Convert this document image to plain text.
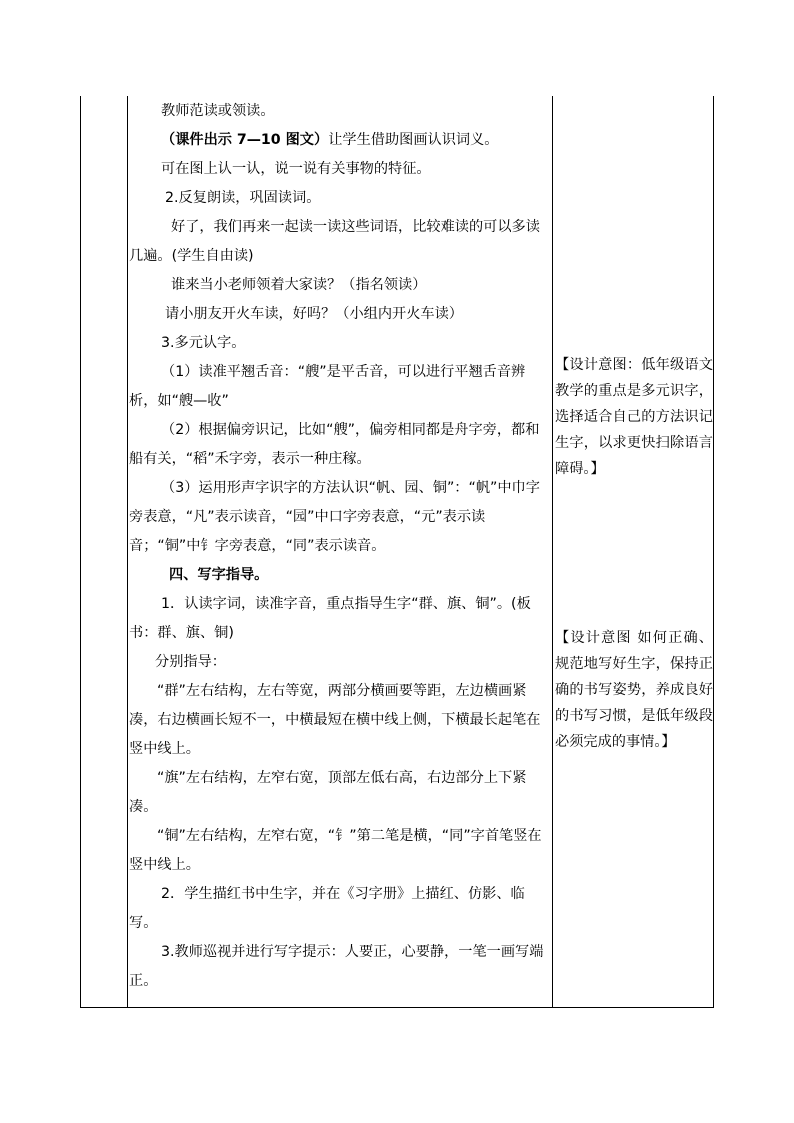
教师范读或领读。

（课件出示 7—10 图文）让学生借助图画认识词义。

可在图上认一认，说一说有关事物的特征。

2.反复朗读，巩固读词。

好了，我们再来一起读一读这些词语，比较难读的可以多读几遍。(学生自由读)

谁来当小老师领着大家读？（指名领读）

请小朋友开火车读，好吗？（小组内开火车读）

3.多元认字。

（1）读准平翘舌音：“艘”是平舌音，可以进行平翘舌音辨析，如“艘—收”

（2）根据偏旁识记，比如“艘”，偏旁相同都是舟字旁，都和船有关，“稻”禾字旁，表示一种庄稼。

（3）运用形声字识字的方法认识“帆、园、铜”：“帆”中巾字旁表意，“凡”表示读音，“园”中口字旁表意，“元”表示读音；“铜”中钅字旁表意，“同”表示读音。

四、写字指导。

1．认读字词，读准字音，重点指导生字“群、旗、铜”。(板书：群、旗、铜)

分别指导：

“群”左右结构，左右等宽，两部分横画要等距，左边横画紧凑，右边横画长短不一，中横最短在横中线上侧，下横最长起笔在竖中线上。

“旗”左右结构，左窄右宽，顶部左低右高，右边部分上下紧凑。

“铜”左右结构，左窄右宽，“钅”第二笔是横，“同”字首笔竖在竖中线上。

2．学生描红书中生字，并在《习字册》上描红、仿影、临写。

3.教师巡视并进行写字提示：人要正，心要静，一笔一画写端正。

【设计意图：低年级语文教学的重点是多元识字，选择适合自己的方法识记生字，以求更快扫除语言障碍。】
【设计意图 如何正确、规范地写好生字，保持正确的书写姿势，养成良好的书写习惯，是低年级段必须完成的事情。】
